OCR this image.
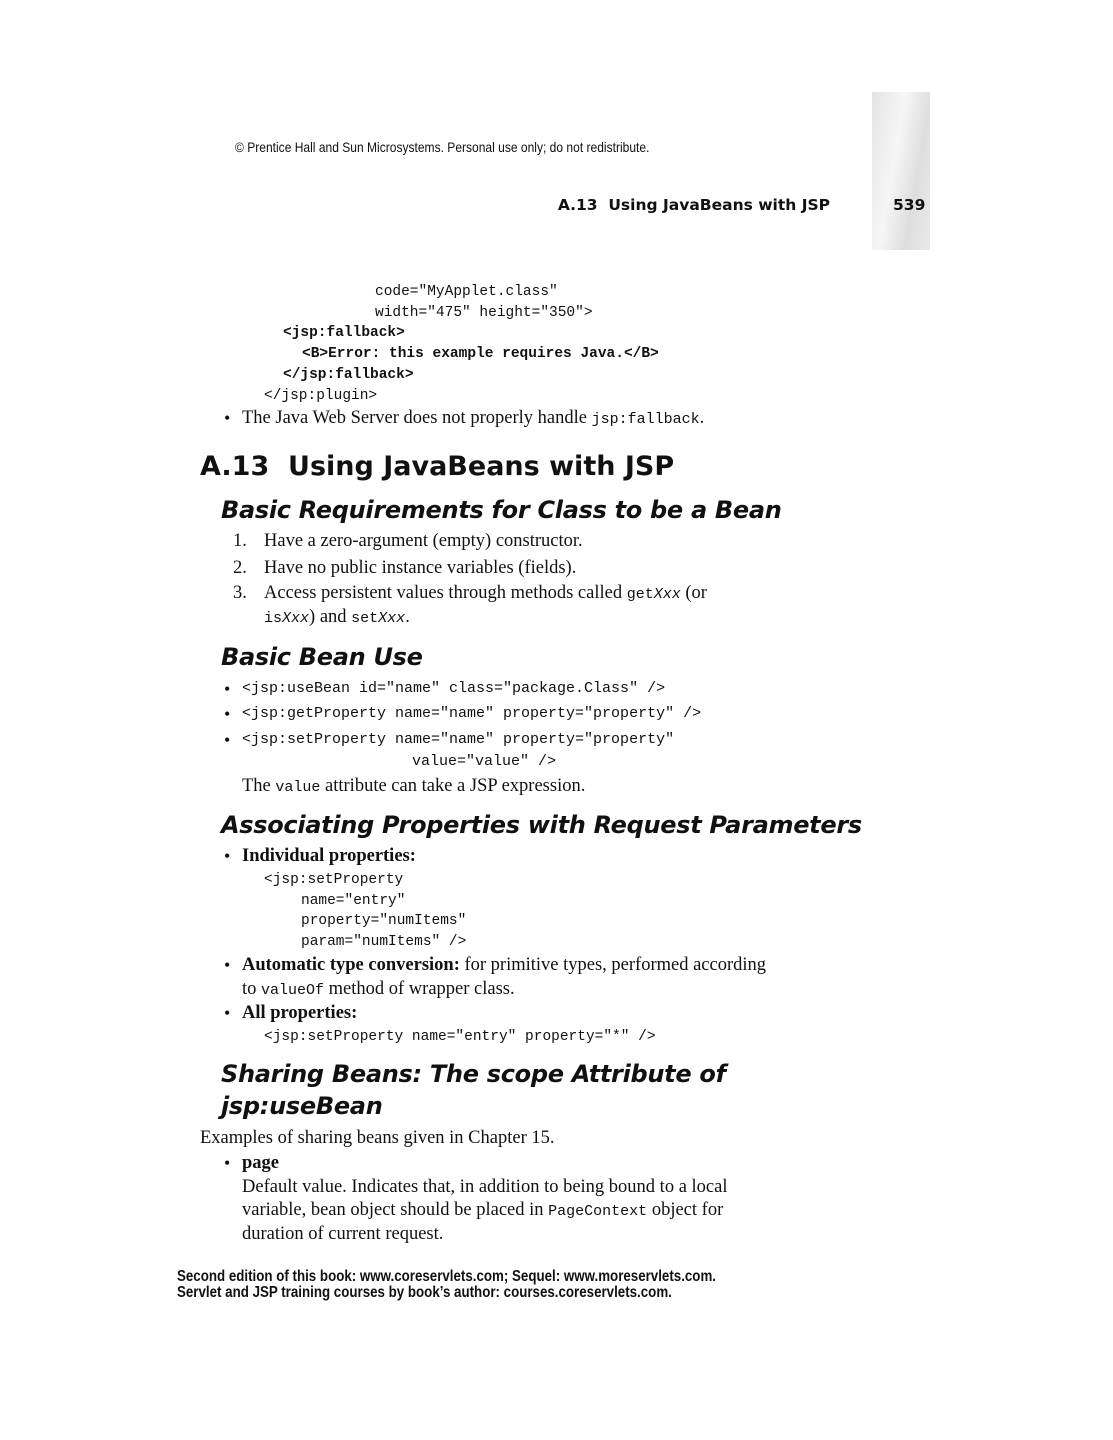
© Prentice Hall and Sun Microsystems. Personal use only; do not redistribute.
A.13  Using JavaBeans with JSP	539
code="MyApplet.class"
width="475" height="350">
<jsp:fallback>
<B>Error: this example requires Java.</B>
</jsp:fallback>
</jsp:plugin>
• The Java Web Server does not properly handle jsp:fallback.
A.13  Using JavaBeans with JSP
Basic Requirements for Class to be a Bean
1. Have a zero-argument (empty) constructor.
2. Have no public instance variables (fields).
3. Access persistent values through methods called getXxx (or
isXxx) and setXxx.
Basic Bean Use
• <jsp:useBean id="name" class="package.Class" />
• <jsp:getProperty name="name" property="property" />
• <jsp:setProperty name="name" property="property"
value="value" />
The value attribute can take a JSP expression.
Associating Properties with Request Parameters
• Individual properties:
<jsp:setProperty
name="entry"
property="numItems"
param="numItems" />
• Automatic type conversion: for primitive types, performed according
to valueOf method of wrapper class.
• All properties:
<jsp:setProperty name="entry" property="*" />
Sharing Beans: The scope Attribute of
jsp:useBean
Examples of sharing beans given in Chapter 15.
• page
Default value. Indicates that, in addition to being bound to a local
variable, bean object should be placed in PageContext object for
duration of current request.
Second edition of this book: www.coreservlets.com; Sequel: www.moreservlets.com.
Servlet and JSP training courses by book’s author: courses.coreservlets.com.
